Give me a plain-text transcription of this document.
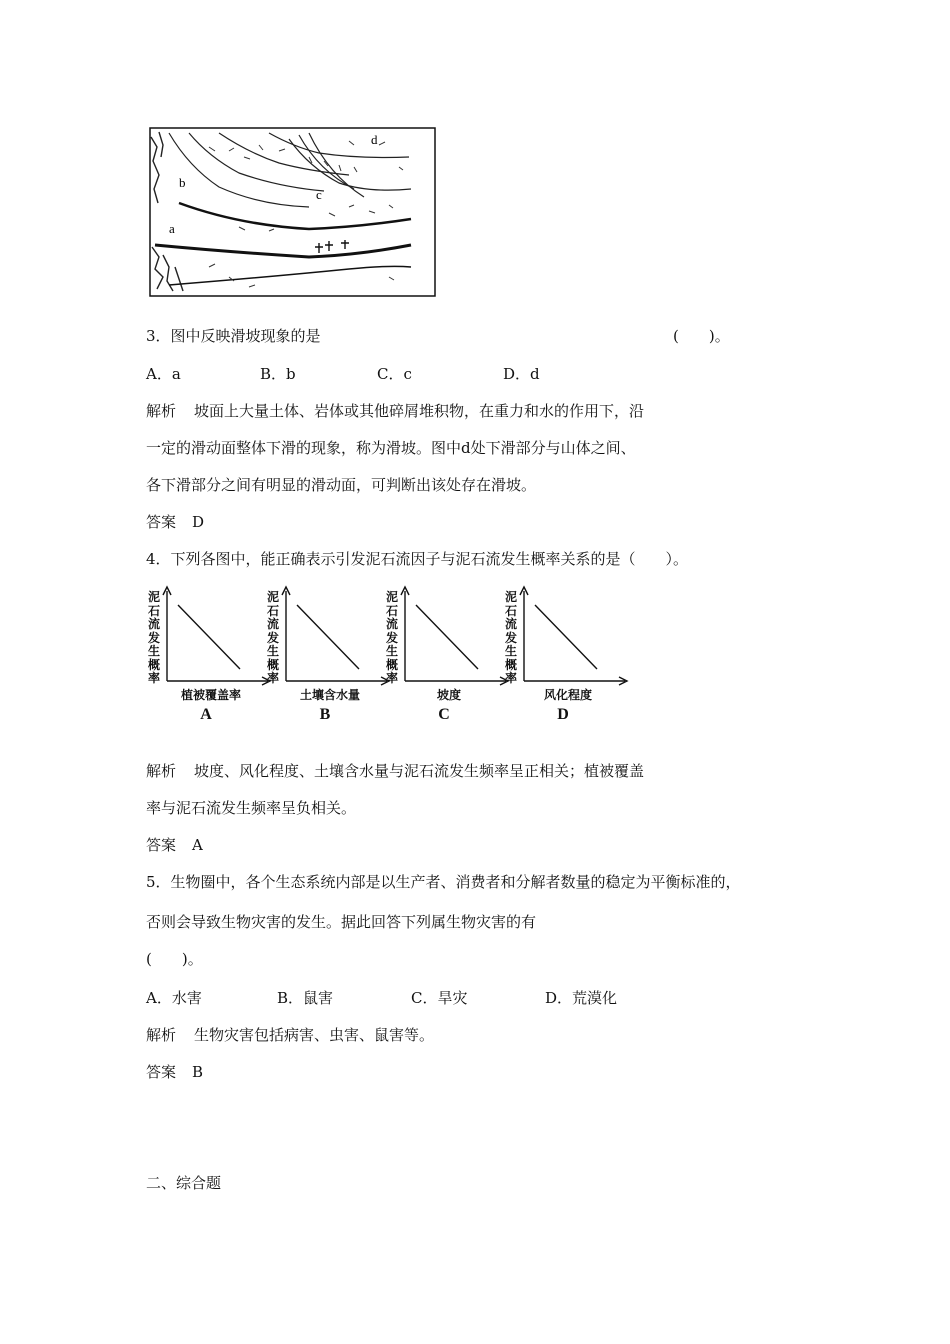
a
b
c
d
3．图中反映滑坡现象的是	(　　)。
A．a	B．b	C．c	D．d
解析 坡面上大量土体、岩体或其他碎屑堆积物，在重力和水的作用下，沿
一定的滑动面整体下滑的现象，称为滑坡。图中d处下滑部分与山体之间、
各下滑部分之间有明显的滑动面，可判断出该处存在滑坡。
答案 D
4．下列各图中，能正确表示引发泥石流因子与泥石流发生概率关系的是（　　）。
泥石流发生概率
植被覆盖率
A
泥石流发生概率
土壤含水量
B
泥石流发生概率
坡度
C
泥石流发生概率
风化程度
D
解析 坡度、风化程度、土壤含水量与泥石流发生频率呈正相关；植被覆盖
率与泥石流发生频率呈负相关。
答案 A
5．生物圈中，各个生态系统内部是以生产者、消费者和分解者数量的稳定为平衡标准的，
否则会导致生物灾害的发生。据此回答下列属生物灾害的有
(　　)。
A．水害	B．鼠害	C．旱灾	D．荒漠化
解析 生物灾害包括病害、虫害、鼠害等。
答案 B
二、综合题
